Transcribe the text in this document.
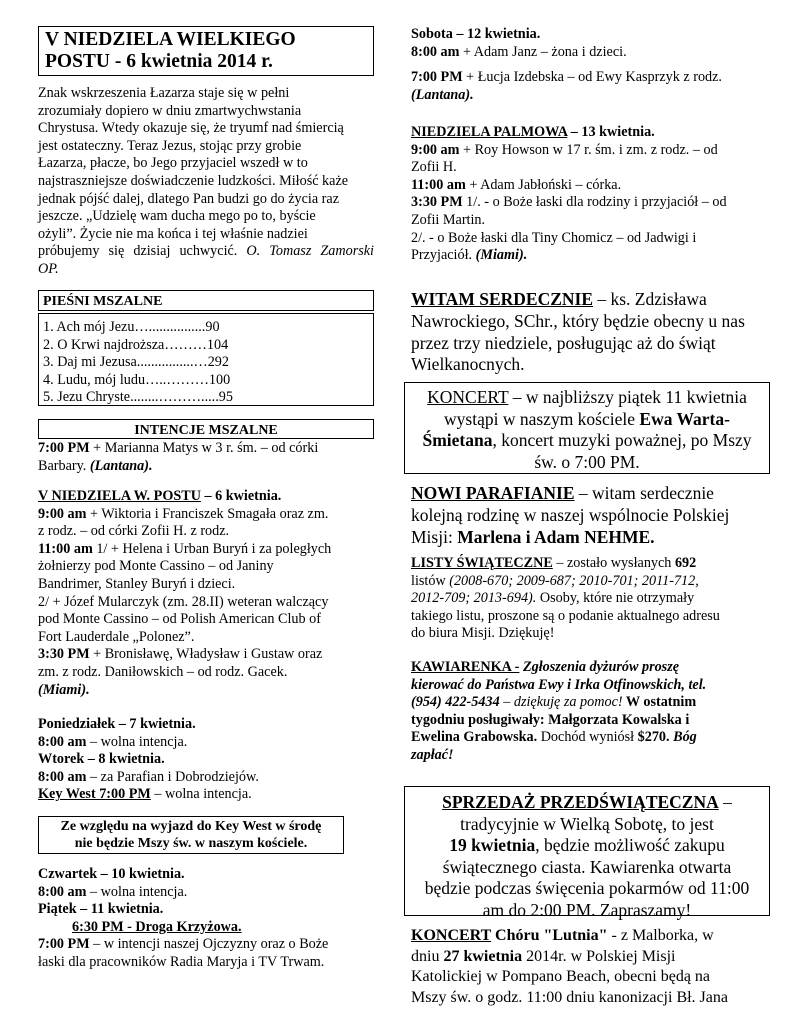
V NIEDZIELA WIELKIEGO
POSTU - 6 kwietnia 2014 r.

Znak wskrzeszenia Łazarza staje się w pełni

zrozumiały dopiero w dniu zmartwychwstania

Chrystusa. Wtedy okazuje się, że tryumf nad śmiercią

jest ostateczny. Teraz Jezus, stojąc przy grobie

Łazarza, płacze, bo Jego przyjaciel wszedł w to

najstraszniejsze doświadczenie ludzkości. Miłość każe

jednak pójść dalej, dlatego Pan budzi go do życia raz

jeszcze. „Udzielę wam ducha mego po to, byście

ożyli”. Życie nie ma końca i tej właśnie nadziei

próbujemy się dzisiaj uchwycić. O. Tomasz Zamorski

OP.

PIEŚNI MSZALNE
1. Ach mój Jezu…................90
2. O Krwi najdroższa………104
3. Daj mi Jezusa................…292
4. Ludu, mój ludu…..………100
5. Jezu Chryste........……….....95
INTENCJE MSZALNE

7:00 PM + Marianna Matys w 3 r. śm. – od córki

Barbary. (Lantana).

V NIEDZIELA W. POSTU – 6 kwietnia.

9:00 am + Wiktoria i Franciszek Smagała oraz zm.

z rodz. – od córki Zofii H. z rodz.

11:00 am 1/ + Helena i Urban Buryń i za poległych

żołnierzy pod Monte Cassino – od Janiny

Bandrimer, Stanley Buryń i dzieci.

2/ + Józef Mularczyk (zm. 28.II) weteran walczący

pod Monte Cassino – od Polish American Club of

Fort Lauderdale „Polonez”.

3:30 PM + Bronisławę, Władysław i Gustaw oraz

zm. z rodz. Daniłowskich – od rodz. Gacek.

(Miami).

Poniedziałek – 7 kwietnia.

8:00 am – wolna intencja.

Wtorek – 8 kwietnia.

8:00 am – za Parafian i Dobrodziejów.

Key West 7:00 PM – wolna intencja.

Ze względu na wyjazd do Key West w środę
nie będzie Mszy św. w naszym kościele.

Czwartek – 10 kwietnia.

8:00 am – wolna intencja.

Piątek – 11 kwietnia.

6:30 PM - Droga Krzyżowa.

7:00 PM – w intencji naszej Ojczyzny oraz o Boże

łaski dla pracowników Radia Maryja i TV Trwam.

Sobota – 12 kwietnia.

8:00 am + Adam Janz – żona i dzieci.

7:00 PM + Łucja Izdebska – od Ewy Kasprzyk z rodz.

(Lantana).

NIEDZIELA PALMOWA – 13 kwietnia.

9:00 am + Roy Howson w 17 r. śm. i zm. z rodz. – od

Zofii H.

11:00 am + Adam Jabłoński – córka.

3:30 PM 1/. - o Boże łaski dla rodziny i przyjaciół – od

Zofii Martin.

2/. - o Boże łaski dla Tiny Chomicz – od Jadwigi i

Przyjaciół. (Miami).

WITAM SERDECZNIE – ks. Zdzisława

Nawrockiego, SChr., który będzie obecny u nas

przez trzy niedziele, posługując aż do świąt

Wielkanocnych.

KONCERT – w najbliższy piątek 11 kwietnia
wystąpi w naszym kościele Ewa Warta-
Śmietana, koncert muzyki poważnej, po Mszy
św. o 7:00 PM.

NOWI PARAFIANIE – witam serdecznie

kolejną rodzinę w naszej wspólnocie Polskiej

Misji: Marlena i Adam NEHME.

LISTY ŚWIĄTECZNE – zostało wysłanych 692

listów (2008-670; 2009-687; 2010-701; 2011-712,

2012-709; 2013-694). Osoby, które nie otrzymały

takiego listu, proszone są o podanie aktualnego adresu

do biura Misji. Dziękuję!

KAWIARENKA - Zgłoszenia dyżurów proszę

kierować do Państwa Ewy i Irka Otfinowskich, tel.

(954) 422-5434 – dziękuję za pomoc! W ostatnim

tygodniu posługiwały: Małgorzata Kowalska i

Ewelina Grabowska. Dochód wyniósł $270. Bóg

zapłać!

SPRZEDAŻ PRZEDŚWIĄTECZNA –
tradycyjnie w Wielką Sobotę, to jest
19 kwietnia, będzie możliwość zakupu
świątecznego ciasta. Kawiarenka otwarta
będzie podczas święcenia pokarmów od 11:00
am do 2:00 PM. Zapraszamy!

KONCERT Chóru "Lutnia" - z Malborka, w

dniu 27 kwietnia 2014r. w Polskiej Misji

Katolickiej w Pompano Beach, obecni będą na

Mszy św. o godz. 11:00 dniu kanonizacji Bł. Jana
